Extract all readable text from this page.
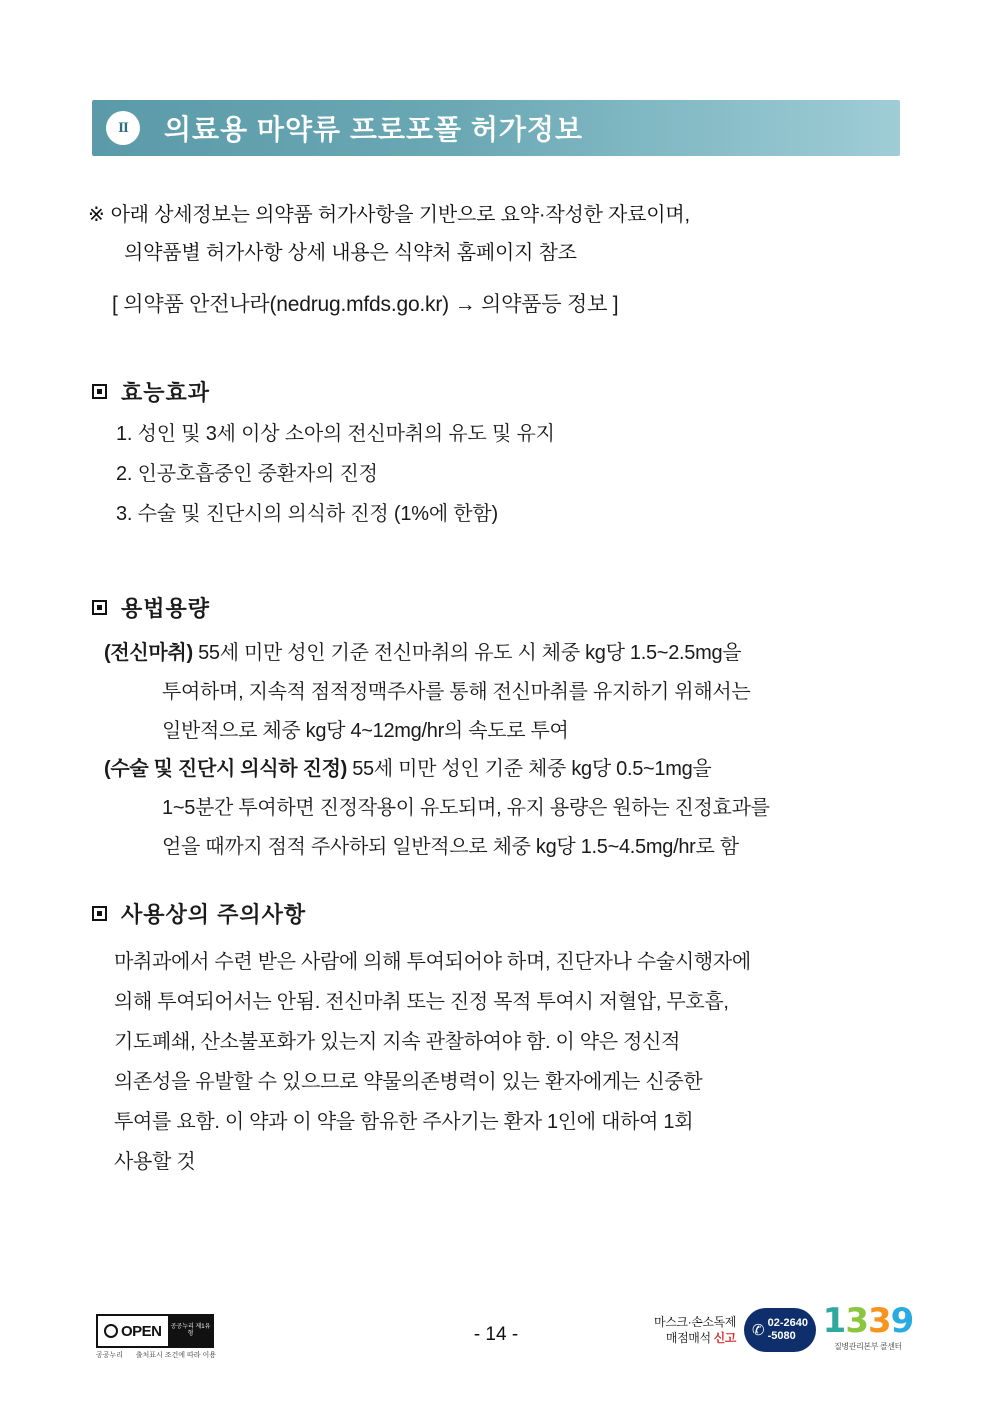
II	의료용 마약류 프로포폴 허가정보
※ 아래 상세정보는 의약품 허가사항을 기반으로 요약·작성한 자료이며,
의약품별 허가사항 상세 내용은 식약처 홈페이지 참조
[ 의약품 안전나라(nedrug.mfds.go.kr) → 의약품등 정보 ]
효능효과
1. 성인 및 3세 이상 소아의 전신마취의 유도 및 유지
2. 인공호흡중인 중환자의 진정
3. 수술 및 진단시의 의식하 진정 (1%에 한함)
용법용량

(전신마취) 55세 미만 성인 기준 전신마취의 유도 시 체중 kg당 1.5~2.5mg을

투여하며, 지속적 점적정맥주사를 통해 전신마취를 유지하기 위해서는

일반적으로 체중 kg당 4~12mg/hr의 속도로 투여

(수술 및 진단시 의식하 진정) 55세 미만 성인 기준 체중 kg당 0.5~1mg을

1~5분간 투여하면 진정작용이 유도되며, 유지 용량은 원하는 진정효과를

얻을 때까지 점적 주사하되 일반적으로 체중 kg당 1.5~4.5mg/hr로 함

사용상의 주의사항
마취과에서 수련 받은 사람에 의해 투여되어야 하며, 진단자나 수술시행자에
의해 투여되어서는 안됨. 전신마취 또는 진정 목적 투여시 저혈압, 무호흡,
기도폐쇄, 산소불포화가 있는지 지속 관찰하여야 함. 이 약은 정신적
의존성을 유발할 수 있으므로 약물의존병력이 있는 환자에게는 신중한
투여를 요함. 이 약과 이 약을 함유한 주사기는 환자 1인에 대하여 1회
사용할 것
OPEN 공공누리 제1유형
공공누리 출처표시 조건에 따라 이용
- 14 -
마스크·손소독제
매점매석 신고 ✆ 02-2640
-5080 1339
질병관리본부 콜센터
